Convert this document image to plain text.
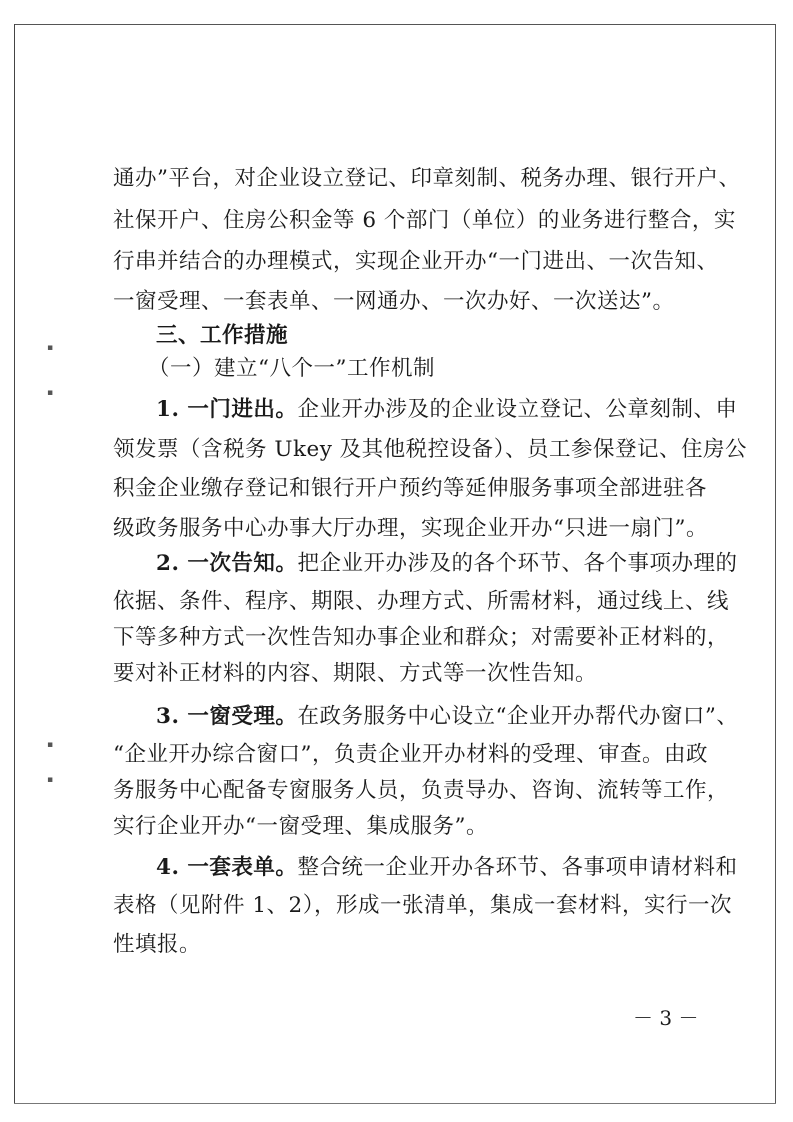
通办”平台，对企业设立登记、印章刻制、税务办理、银行开户、
社保开户、住房公积金等 6 个部门（单位）的业务进行整合，实
行串并结合的办理模式，实现企业开办“一门进出、一次告知、
一窗受理、一套表单、一网通办、一次办好、一次送达”。
三、工作措施
（一）建立“八个一”工作机制
1. 一门进出。企业开办涉及的企业设立登记、公章刻制、申
领发票（含税务 Ukey 及其他税控设备）、员工参保登记、住房公
积金企业缴存登记和银行开户预约等延伸服务事项全部进驻各
级政务服务中心办事大厅办理，实现企业开办“只进一扇门”。
2. 一次告知。把企业开办涉及的各个环节、各个事项办理的
依据、条件、程序、期限、办理方式、所需材料，通过线上、线
下等多种方式一次性告知办事企业和群众；对需要补正材料的，
要对补正材料的内容、期限、方式等一次性告知。
3. 一窗受理。在政务服务中心设立“企业开办帮代办窗口”、
“企业开办综合窗口”，负责企业开办材料的受理、审查。由政
务服务中心配备专窗服务人员，负责导办、咨询、流转等工作，
实行企业开办“一窗受理、集成服务”。
4. 一套表单。整合统一企业开办各环节、各事项申请材料和
表格（见附件 1、2），形成一张清单，集成一套材料，实行一次
性填报。
▪
▪
▪
▪
－ 3 －
